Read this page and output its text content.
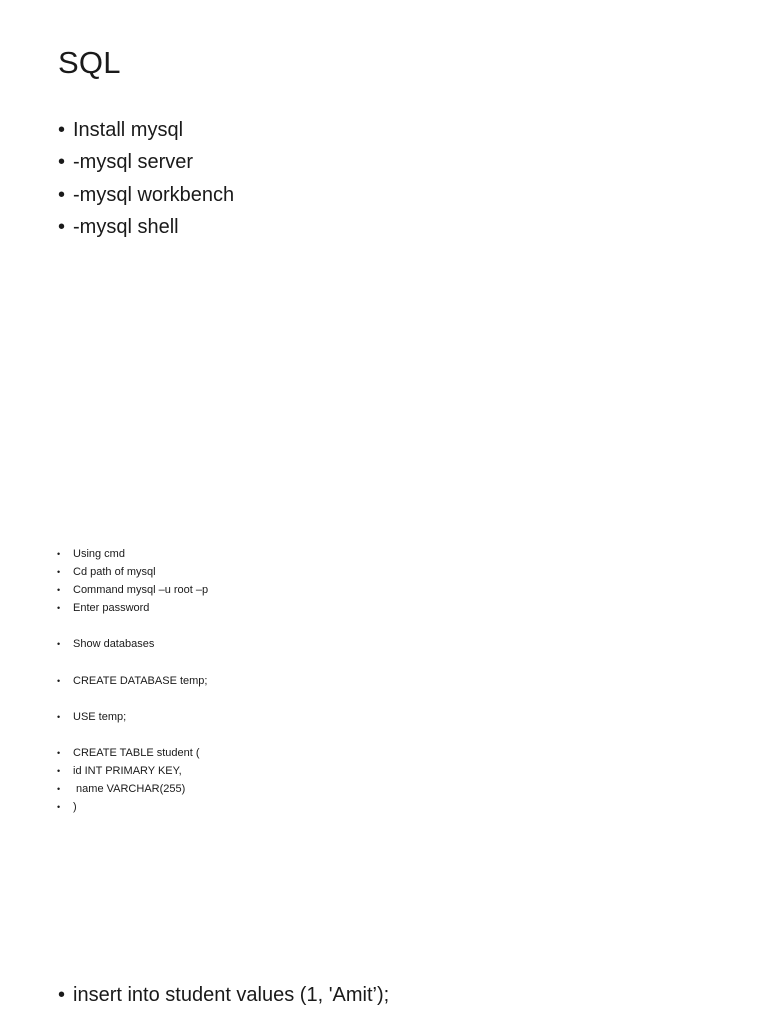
SQL
• Install mysql
• -mysql server
• -mysql workbench
• -mysql shell
• Using cmd
• Cd path of mysql
• Command mysql –u root –p
• Enter password
• Show databases
• CREATE DATABASE temp;
• USE temp;
• CREATE TABLE student (
• id INT PRIMARY KEY,
• name VARCHAR(255)
• )
• insert into student values (1, 'Amit’);
